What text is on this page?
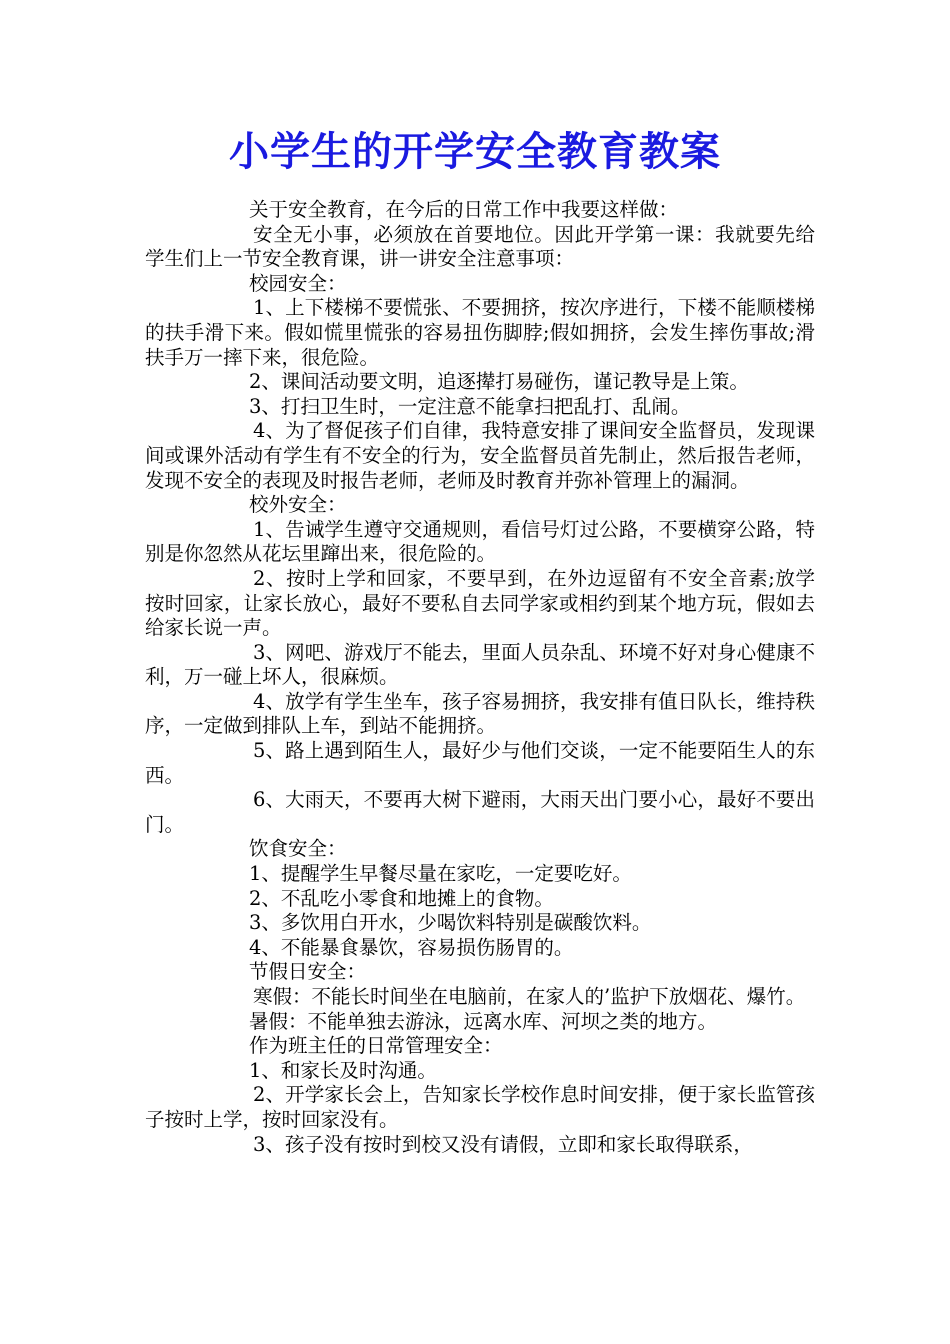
小学生的开学安全教育教案

关于安全教育，在今后的日常工作中我要这样做：

安全无小事，必须放在首要地位。因此开学第一课：我就要先给学生们上一节安全教育课，讲一讲安全注意事项：

校园安全：

1、上下楼梯不要慌张、不要拥挤，按次序进行，下楼不能顺楼梯的扶手滑下来。假如慌里慌张的容易扭伤脚脖;假如拥挤，会发生摔伤事故;滑扶手万一摔下来，很危险。

2、课间活动要文明，追逐撵打易碰伤，谨记教导是上策。

3、打扫卫生时，一定注意不能拿扫把乱打、乱闹。

4、为了督促孩子们自律，我特意安排了课间安全监督员，发现课间或课外活动有学生有不安全的行为，安全监督员首先制止，然后报告老师，发现不安全的表现及时报告老师，老师及时教育并弥补管理上的漏洞。

校外安全：

1、告诫学生遵守交通规则，看信号灯过公路，不要横穿公路，特别是你忽然从花坛里蹿出来，很危险的。

2、按时上学和回家，不要早到，在外边逗留有不安全音素;放学按时回家，让家长放心，最好不要私自去同学家或相约到某个地方玩，假如去给家长说一声。

3、网吧、游戏厅不能去，里面人员杂乱、环境不好对身心健康不利，万一碰上坏人，很麻烦。

4、放学有学生坐车，孩子容易拥挤，我安排有值日队长，维持秩序，一定做到排队上车，到站不能拥挤。

5、路上遇到陌生人，最好少与他们交谈，一定不能要陌生人的东西。

6、大雨天，不要再大树下避雨，大雨天出门要小心，最好不要出门。

饮食安全：

1、提醒学生早餐尽量在家吃，一定要吃好。

2、不乱吃小零食和地摊上的食物。

3、多饮用白开水，少喝饮料特别是碳酸饮料。

4、不能暴食暴饮，容易损伤肠胃的。

节假日安全：

寒假：不能长时间坐在电脑前，在家人的’监护下放烟花、爆竹。

暑假：不能单独去游泳，远离水库、河坝之类的地方。

作为班主任的日常管理安全：

1、和家长及时沟通。

2、开学家长会上，告知家长学校作息时间安排，便于家长监管孩子按时上学，按时回家没有。

3、孩子没有按时到校又没有请假，立即和家长取得联系，
